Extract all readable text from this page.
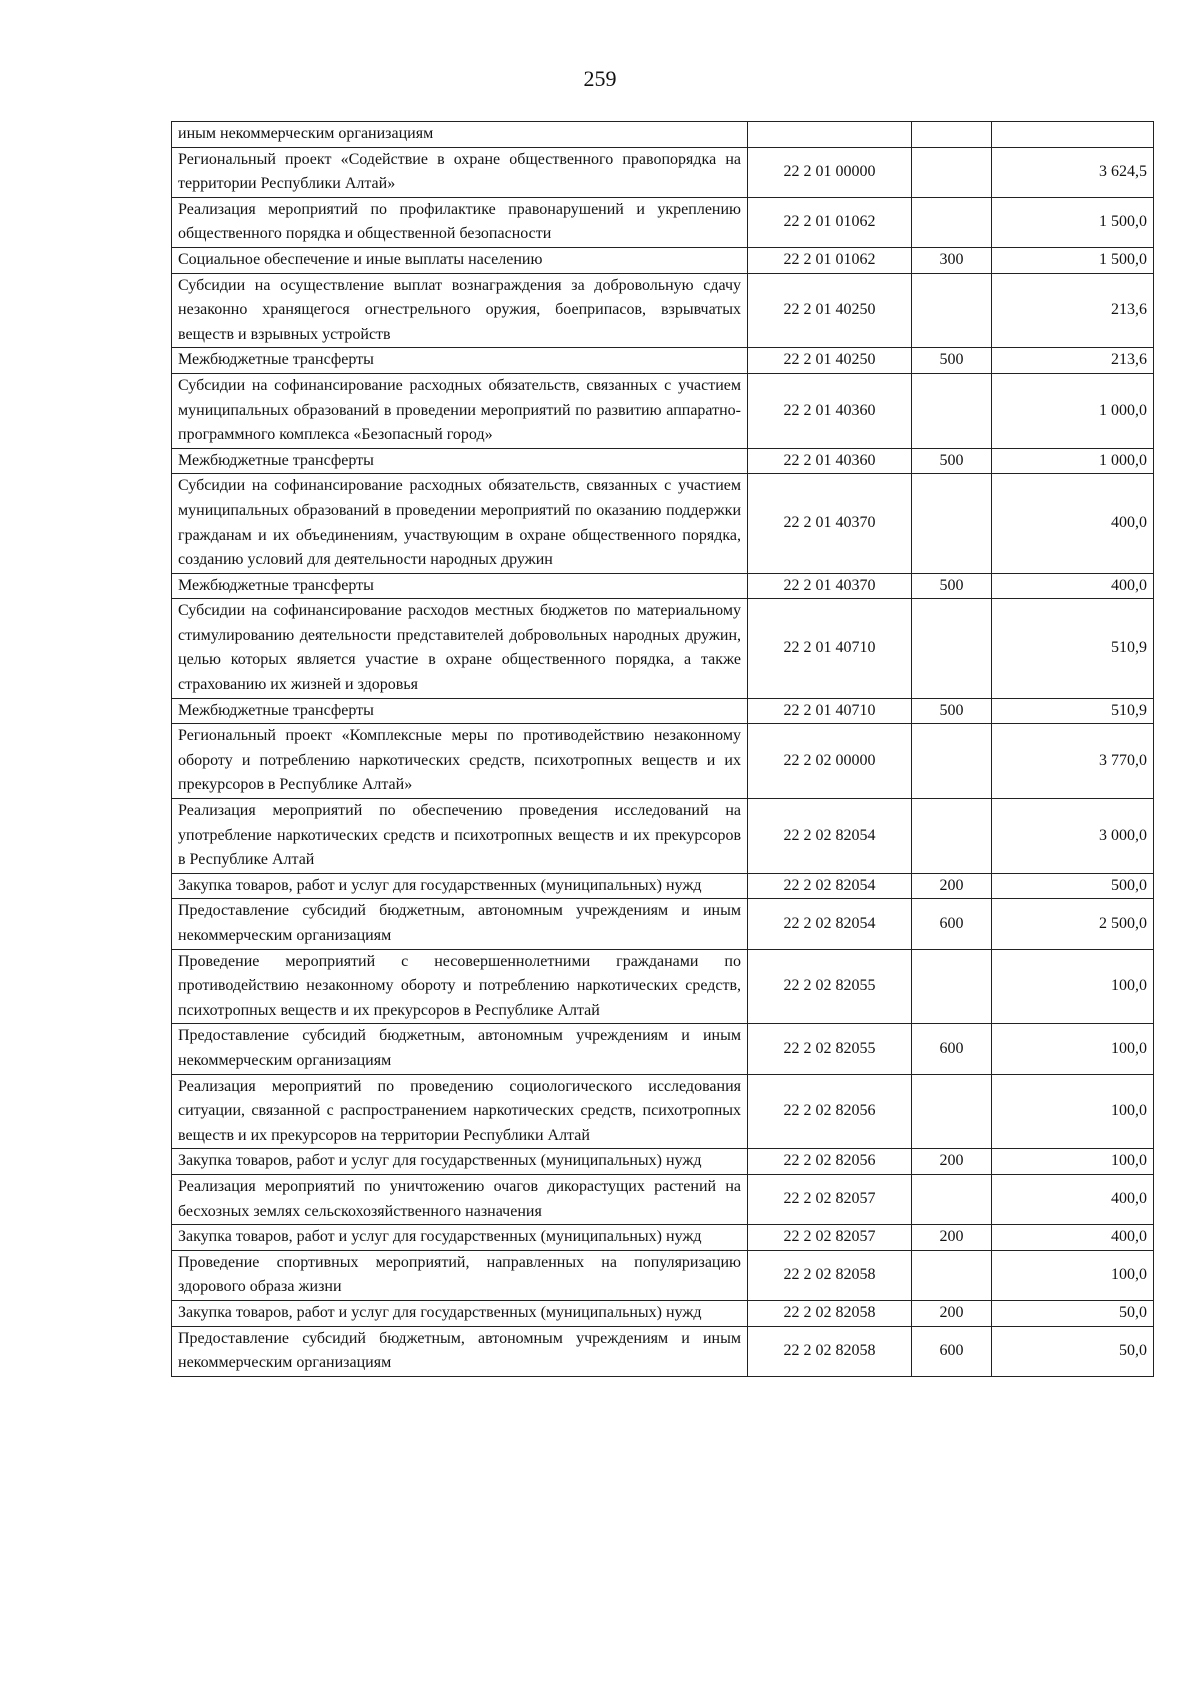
259
иным некоммерческим организациям			
Региональный проект «Содействие в охране общественного правопорядка на территории Республики Алтай»	22 2 01 00000		3 624,5
Реализация мероприятий по профилактике правонарушений и укреплению общественного порядка и общественной безопасности	22 2 01 01062		1 500,0
Социальное обеспечение и иные выплаты населению	22 2 01 01062	300	1 500,0
Субсидии на осуществление выплат вознаграждения за добровольную сдачу незаконно хранящегося огнестрельного оружия, боеприпасов, взрывчатых веществ и взрывных устройств	22 2 01 40250		213,6
Межбюджетные трансферты	22 2 01 40250	500	213,6
Субсидии на софинансирование расходных обязательств, связанных с участием муниципальных образований в проведении мероприятий по развитию аппаратно-программного комплекса «Безопасный город»	22 2 01 40360		1 000,0
Межбюджетные трансферты	22 2 01 40360	500	1 000,0
Субсидии на софинансирование расходных обязательств, связанных с участием муниципальных образований в проведении мероприятий по оказанию поддержки гражданам и их объединениям, участвующим в охране общественного порядка, созданию условий для деятельности народных дружин	22 2 01 40370		400,0
Межбюджетные трансферты	22 2 01 40370	500	400,0
Субсидии на софинансирование расходов местных бюджетов по материальному стимулированию деятельности представителей добровольных народных дружин, целью которых является участие в охране общественного порядка, а также страхованию их жизней и здоровья	22 2 01 40710		510,9
Межбюджетные трансферты	22 2 01 40710	500	510,9
Региональный проект «Комплексные меры по противодействию незаконному обороту и потреблению наркотических средств, психотропных веществ и их прекурсоров в Республике Алтай»	22 2 02 00000		3 770,0
Реализация мероприятий по обеспечению проведения исследований на употребление наркотических средств и психотропных веществ и их прекурсоров в Республике Алтай	22 2 02 82054		3 000,0
Закупка товаров, работ и услуг для государственных (муниципальных) нужд	22 2 02 82054	200	500,0
Предоставление субсидий бюджетным, автономным учреждениям и иным некоммерческим организациям	22 2 02 82054	600	2 500,0
Проведение мероприятий с несовершеннолетними гражданами по противодействию незаконному обороту и потреблению наркотических средств, психотропных веществ и их прекурсоров в Республике Алтай	22 2 02 82055		100,0
Предоставление субсидий бюджетным, автономным учреждениям и иным некоммерческим организациям	22 2 02 82055	600	100,0
Реализация мероприятий по проведению социологического исследования ситуации, связанной с распространением наркотических средств, психотропных веществ и их прекурсоров на территории Республики Алтай	22 2 02 82056		100,0
Закупка товаров, работ и услуг для государственных (муниципальных) нужд	22 2 02 82056	200	100,0
Реализация мероприятий по уничтожению очагов дикорастущих растений на бесхозных землях сельскохозяйственного назначения	22 2 02 82057		400,0
Закупка товаров, работ и услуг для государственных (муниципальных) нужд	22 2 02 82057	200	400,0
Проведение спортивных мероприятий, направленных на популяризацию здорового образа жизни	22 2 02 82058		100,0
Закупка товаров, работ и услуг для государственных (муниципальных) нужд	22 2 02 82058	200	50,0
Предоставление субсидий бюджетным, автономным учреждениям и иным некоммерческим организациям	22 2 02 82058	600	50,0
